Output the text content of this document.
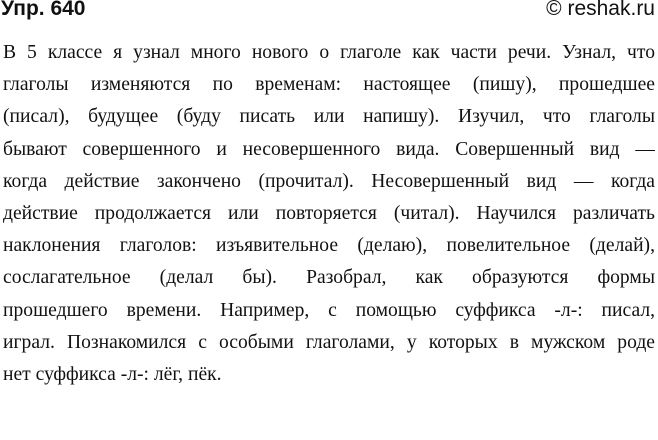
Упр. 640	© reshak.ru
В 5 классе я узнал много нового о глаголе как части речи. Узнал, что
глаголы изменяются по временам: настоящее (пишу), прошедшее
(писал), будущее (буду писать или напишу). Изучил, что глаголы
бывают совершенного и несовершенного вида. Совершенный вид —
когда действие закончено (прочитал). Несовершенный вид — когда
действие продолжается или повторяется (читал). Научился различать
наклонения глаголов: изъявительное (делаю), повелительное (делай),
сослагательное (делал бы). Разобрал, как образуются формы
прошедшего времени. Например, с помощью суффикса -л-: писал,
играл. Познакомился с особыми глаголами, у которых в мужском роде
нет суффикса -л-: лёг, пёк.
